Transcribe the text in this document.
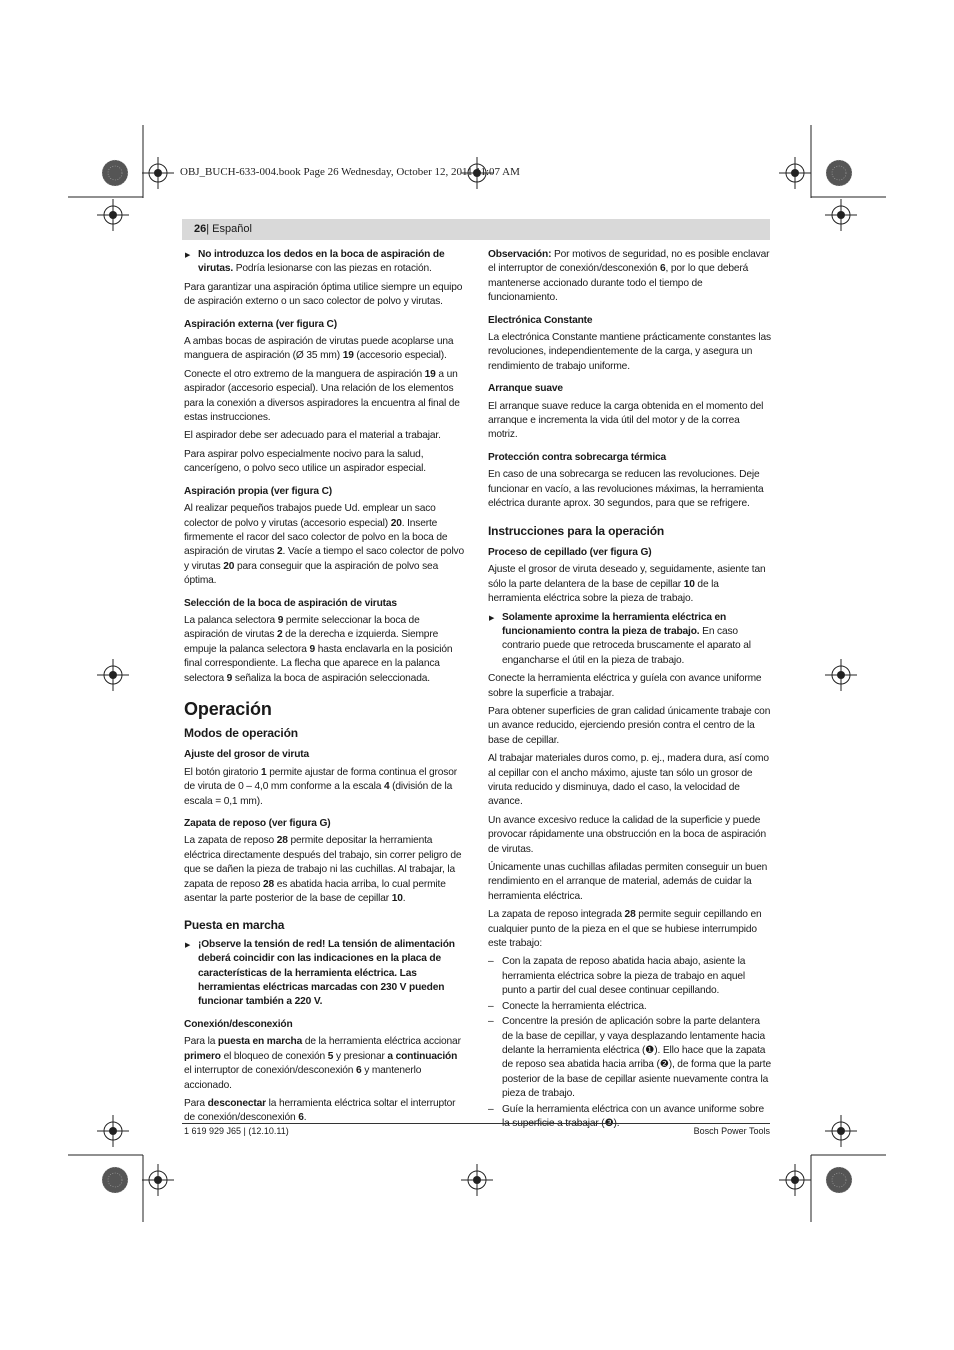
OBJ_BUCH-633-004.book Page 26 Wednesday, October 12, 2011 11:07 AM
26| Español

▶ No introduzca los dedos en la boca de aspiración de virutas. Podría lesionarse con las piezas en rotación.

Para garantizar una aspiración óptima utilice siempre un equipo de aspiración externo o un saco colector de polvo y virutas.

Aspiración externa (ver figura C)

A ambas bocas de aspiración de virutas puede acoplarse una manguera de aspiración (Ø 35 mm) 19 (accesorio especial).

Conecte el otro extremo de la manguera de aspiración 19 a un aspirador (accesorio especial). Una relación de los elementos para la conexión a diversos aspiradores la encuentra al final de estas instrucciones.

El aspirador debe ser adecuado para el material a trabajar.

Para aspirar polvo especialmente nocivo para la salud, cancerígeno, o polvo seco utilice un aspirador especial.

Aspiración propia (ver figura C)

Al realizar pequeños trabajos puede Ud. emplear un saco colector de polvo y virutas (accesorio especial) 20. Inserte firmemente el racor del saco colector de polvo en la boca de aspiración de virutas 2. Vacíe a tiempo el saco colector de polvo y virutas 20 para conseguir que la aspiración de polvo sea óptima.

Selección de la boca de aspiración de virutas

La palanca selectora 9 permite seleccionar la boca de aspiración de virutas 2 de la derecha e izquierda. Siempre empuje la palanca selectora 9 hasta enclavarla en la posición final correspondiente. La flecha que aparece en la palanca selectora 9 señaliza la boca de aspiración seleccionada.

Operación

Modos de operación

Ajuste del grosor de viruta

El botón giratorio 1 permite ajustar de forma continua el grosor de viruta de 0 – 4,0 mm conforme a la escala 4 (división de la escala = 0,1 mm).

Zapata de reposo (ver figura G)

La zapata de reposo 28 permite depositar la herramienta eléctrica directamente después del trabajo, sin correr peligro de que se dañen la pieza de trabajo ni las cuchillas. Al trabajar, la zapata de reposo 28 es abatida hacia arriba, lo cual permite asentar la parte posterior de la base de cepillar 10.

Puesta en marcha

▶ ¡Observe la tensión de red! La tensión de alimentación deberá coincidir con las indicaciones en la placa de características de la herramienta eléctrica. Las herramientas eléctricas marcadas con 230 V pueden funcionar también a 220 V.

Conexión/desconexión

Para la puesta en marcha de la herramienta eléctrica accionar primero el bloqueo de conexión 5 y presionar a continuación el interruptor de conexión/desconexión 6 y mantenerlo accionado.

Para desconectar la herramienta eléctrica soltar el interruptor de conexión/desconexión 6.

Observación: Por motivos de seguridad, no es posible enclavar el interruptor de conexión/desconexión 6, por lo que deberá mantenerse accionado durante todo el tiempo de funcionamiento.

Electrónica Constante

La electrónica Constante mantiene prácticamente constantes las revoluciones, independientemente de la carga, y asegura un rendimiento de trabajo uniforme.

Arranque suave

El arranque suave reduce la carga obtenida en el momento del arranque e incrementa la vida útil del motor y de la correa motriz.

Protección contra sobrecarga térmica

En caso de una sobrecarga se reducen las revoluciones. Deje funcionar en vacío, a las revoluciones máximas, la herramienta eléctrica durante aprox. 30 segundos, para que se refrigere.

Instrucciones para la operación

Proceso de cepillado (ver figura G)

Ajuste el grosor de viruta deseado y, seguidamente, asiente tan sólo la parte delantera de la base de cepillar 10 de la herramienta eléctrica sobre la pieza de trabajo.

▶ Solamente aproxime la herramienta eléctrica en funcionamiento contra la pieza de trabajo. En caso contrario puede que retroceda bruscamente el aparato al engancharse el útil en la pieza de trabajo.

Conecte la herramienta eléctrica y guíela con avance uniforme sobre la superficie a trabajar.

Para obtener superficies de gran calidad únicamente trabaje con un avance reducido, ejerciendo presión contra el centro de la base de cepillar.

Al trabajar materiales duros como, p. ej., madera dura, así como al cepillar con el ancho máximo, ajuste tan sólo un grosor de viruta reducido y disminuya, dado el caso, la velocidad de avance.

Un avance excesivo reduce la calidad de la superficie y puede provocar rápidamente una obstrucción en la boca de aspiración de virutas.

Únicamente unas cuchillas afiladas permiten conseguir un buen rendimiento en el arranque de material, además de cuidar la herramienta eléctrica.

La zapata de reposo integrada 28 permite seguir cepillando en cualquier punto de la pieza en el que se hubiese interrumpido este trabajo:

– Con la zapata de reposo abatida hacia abajo, asiente la herramienta eléctrica sobre la pieza de trabajo en aquel punto a partir del cual desee continuar cepillando.

– Conecte la herramienta eléctrica.

– Concentre la presión de aplicación sobre la parte delantera de la base de cepillar, y vaya desplazando lentamente hacia delante la herramienta eléctrica (❶). Ello hace que la zapata de reposo sea abatida hacia arriba (❷), de forma que la parte posterior de la base de cepillar asiente nuevamente contra la pieza de trabajo.

– Guíe la herramienta eléctrica con un avance uniforme sobre

1 619 929 J65 | (12.10.11)	Bosch Power Tools
